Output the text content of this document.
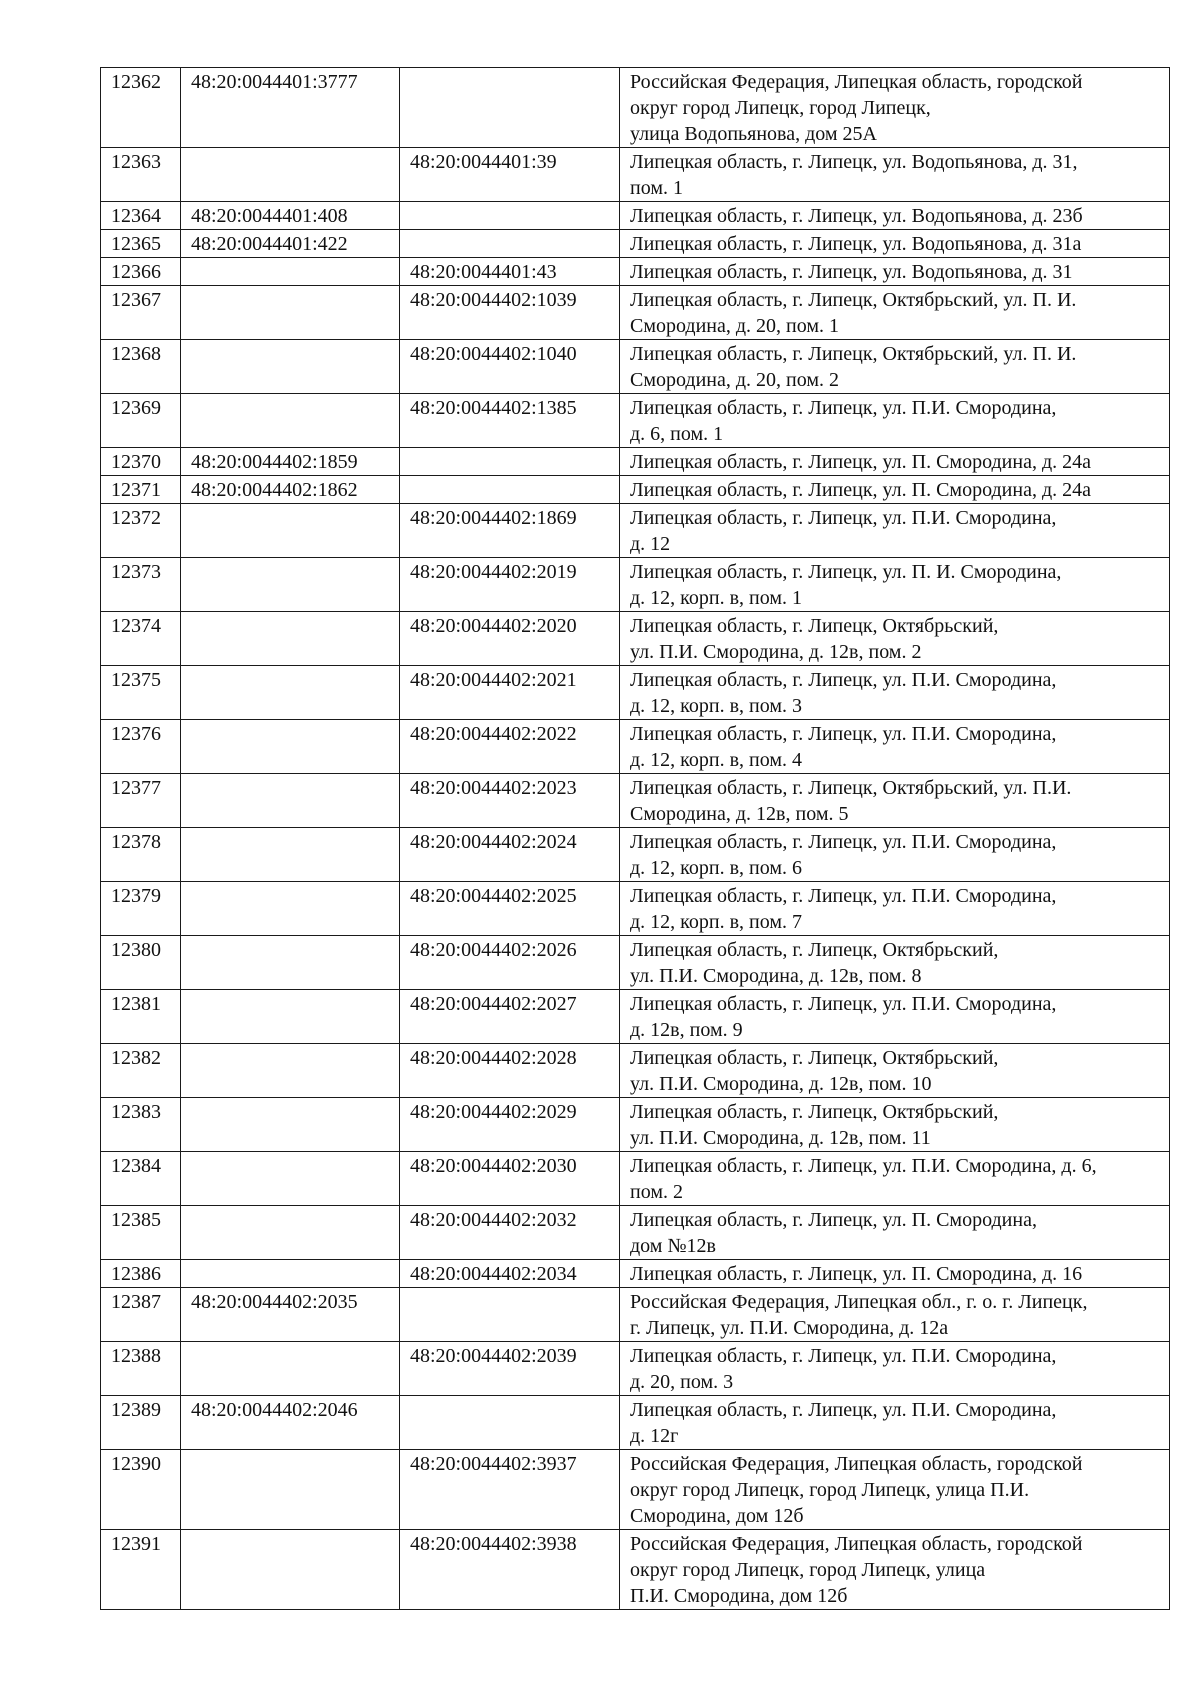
12362	48:20:0044401:3777		Российская Федерация, Липецкая область, городской
округ город Липецк, город Липецк,
улица Водопьянова, дом 25А
12363		48:20:0044401:39	Липецкая область, г. Липецк, ул. Водопьянова, д. 31,
пом. 1
12364	48:20:0044401:408		Липецкая область, г. Липецк, ул. Водопьянова, д. 23б
12365	48:20:0044401:422		Липецкая область, г. Липецк, ул. Водопьянова, д. 31а
12366		48:20:0044401:43	Липецкая область, г. Липецк, ул. Водопьянова, д. 31
12367		48:20:0044402:1039	Липецкая область, г. Липецк, Октябрьский, ул. П. И.
Смородина, д. 20, пом. 1
12368		48:20:0044402:1040	Липецкая область, г. Липецк, Октябрьский, ул. П. И.
Смородина, д. 20, пом. 2
12369		48:20:0044402:1385	Липецкая область, г. Липецк, ул. П.И. Смородина,
д. 6, пом. 1
12370	48:20:0044402:1859		Липецкая область, г. Липецк, ул. П. Смородина, д. 24а
12371	48:20:0044402:1862		Липецкая область, г. Липецк, ул. П. Смородина, д. 24а
12372		48:20:0044402:1869	Липецкая область, г. Липецк, ул. П.И. Смородина,
д. 12
12373		48:20:0044402:2019	Липецкая область, г. Липецк, ул. П. И. Смородина,
д. 12, корп. в, пом. 1
12374		48:20:0044402:2020	Липецкая область, г. Липецк, Октябрьский,
ул. П.И. Смородина, д. 12в, пом. 2
12375		48:20:0044402:2021	Липецкая область, г. Липецк, ул. П.И. Смородина,
д. 12, корп. в, пом. 3
12376		48:20:0044402:2022	Липецкая область, г. Липецк, ул. П.И. Смородина,
д. 12, корп. в, пом. 4
12377		48:20:0044402:2023	Липецкая область, г. Липецк, Октябрьский, ул. П.И.
Смородина, д. 12в, пом. 5
12378		48:20:0044402:2024	Липецкая область, г. Липецк, ул. П.И. Смородина,
д. 12, корп. в, пом. 6
12379		48:20:0044402:2025	Липецкая область, г. Липецк, ул. П.И. Смородина,
д. 12, корп. в, пом. 7
12380		48:20:0044402:2026	Липецкая область, г. Липецк, Октябрьский,
ул. П.И. Смородина, д. 12в, пом. 8
12381		48:20:0044402:2027	Липецкая область, г. Липецк, ул. П.И. Смородина,
д. 12в, пом. 9
12382		48:20:0044402:2028	Липецкая область, г. Липецк, Октябрьский,
ул. П.И. Смородина, д. 12в, пом. 10
12383		48:20:0044402:2029	Липецкая область, г. Липецк, Октябрьский,
ул. П.И. Смородина, д. 12в, пом. 11
12384		48:20:0044402:2030	Липецкая область, г. Липецк, ул. П.И. Смородина, д. 6,
пом. 2
12385		48:20:0044402:2032	Липецкая область, г. Липецк, ул. П. Смородина,
дом №12в
12386		48:20:0044402:2034	Липецкая область, г. Липецк, ул. П. Смородина, д. 16
12387	48:20:0044402:2035		Российская Федерация, Липецкая обл., г. о. г. Липецк,
г. Липецк, ул. П.И. Смородина, д. 12а
12388		48:20:0044402:2039	Липецкая область, г. Липецк, ул. П.И. Смородина,
д. 20, пом. 3
12389	48:20:0044402:2046		Липецкая область, г. Липецк, ул. П.И. Смородина,
д. 12г
12390		48:20:0044402:3937	Российская Федерация, Липецкая область, городской
округ город Липецк, город Липецк, улица П.И.
Смородина, дом 12б
12391		48:20:0044402:3938	Российская Федерация, Липецкая область, городской
округ город Липецк, город Липецк, улица
П.И. Смородина, дом 12б
